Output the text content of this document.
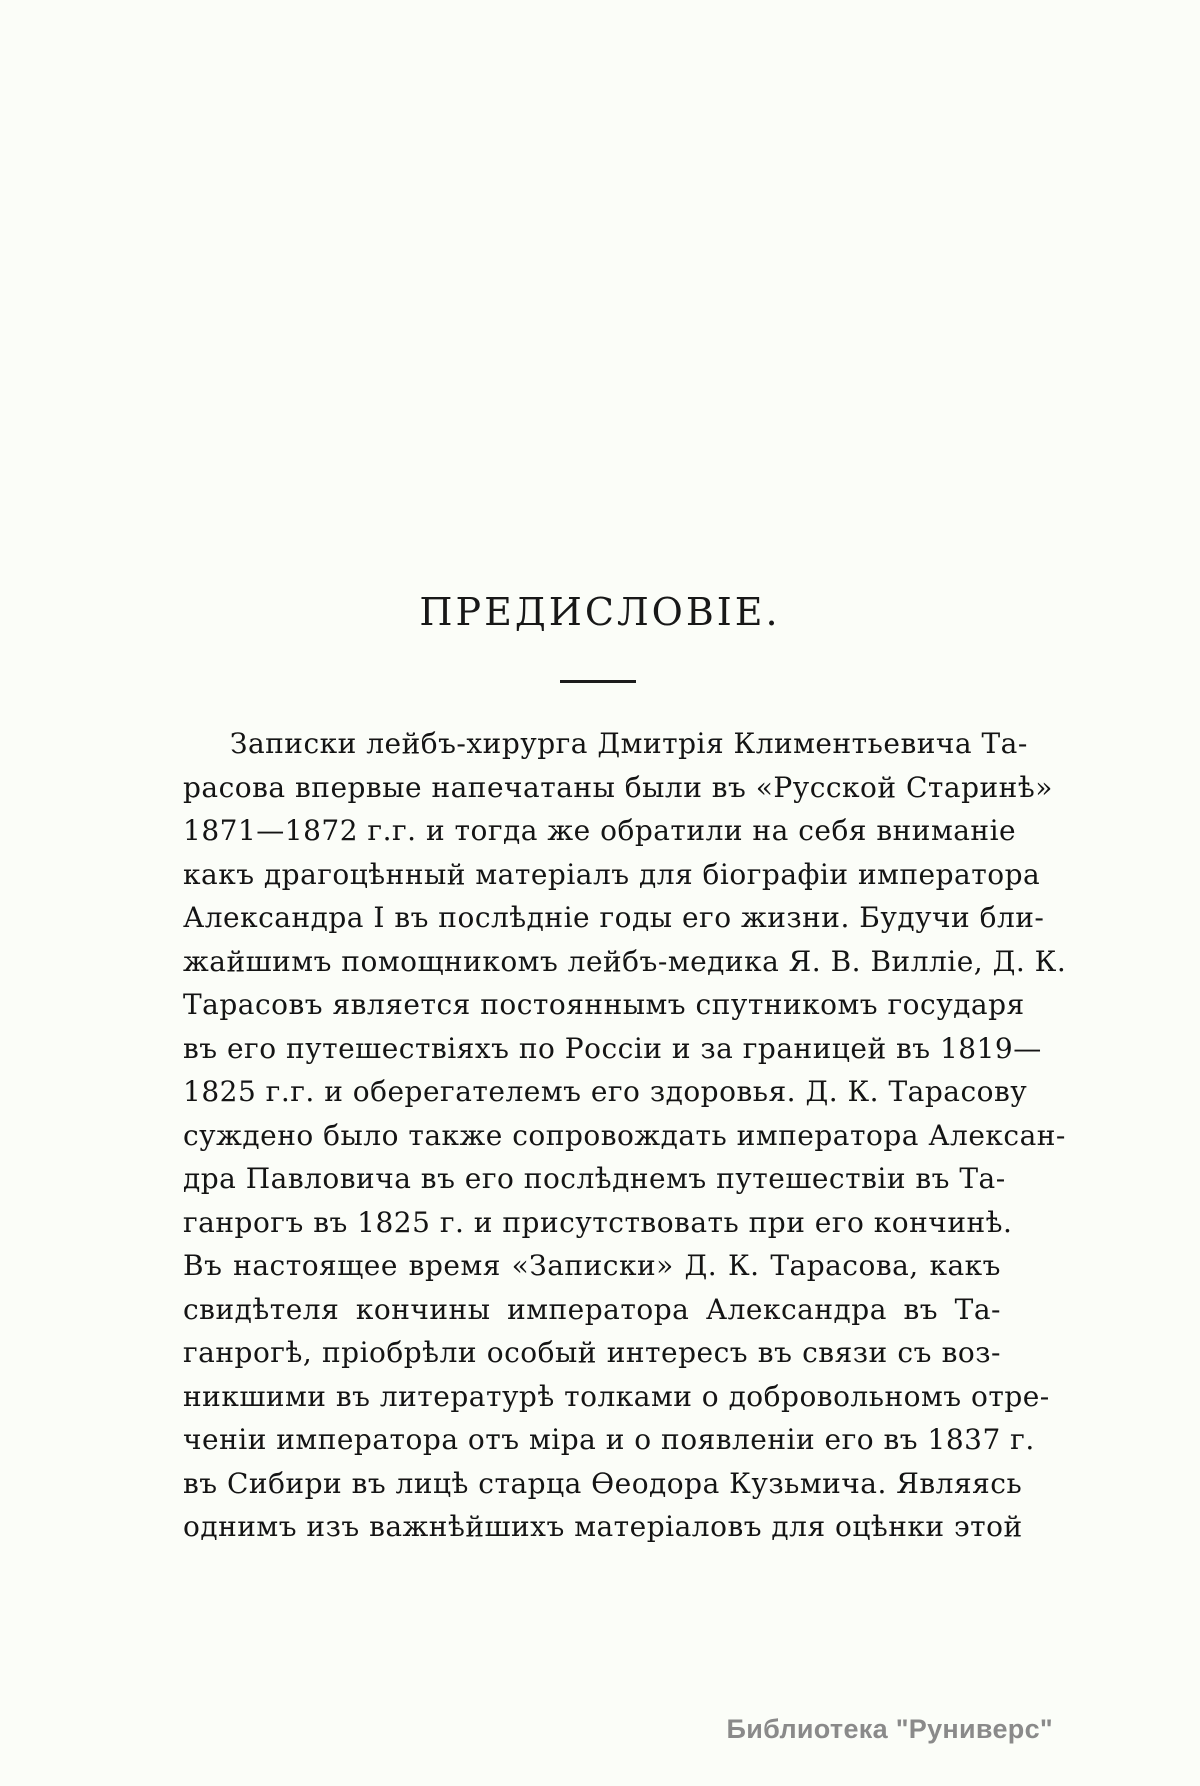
ПРЕДИСЛОВІЕ.
Записки лейбъ-хирурга Дмитрія Климентьевича Та-
расова впервые напечатаны были въ «Русской Старинѣ»
1871—1872 г.г. и тогда же обратили на себя вниманіе
какъ драгоцѣнный матеріалъ для біографіи императора
Александра I въ послѣдніе годы его жизни. Будучи бли-
жайшимъ помощникомъ лейбъ-медика Я. В. Вилліе, Д. К.
Тарасовъ является постояннымъ спутникомъ государя
въ его путешествіяхъ по Россіи и за границей въ 1819—
1825 г.г. и оберегателемъ его здоровья. Д. К. Тарасову
суждено было также сопровождать императора Алексан-
дра Павловича въ его послѣднемъ путешествіи въ Та-
ганрогъ въ 1825 г. и присутствовать при его кончинѣ.
Въ настоящее время «Записки» Д. К. Тарасова, какъ
свидѣтеля кончины императора Александра въ Та-
ганрогѣ, пріобрѣли особый интересъ въ связи съ воз-
никшими въ литературѣ толками о добровольномъ отре-
ченіи императора отъ міра и о появленіи его въ 1837 г.
въ Сибири въ лицѣ старца Ѳеодора Кузьмича. Являясь
однимъ изъ важнѣйшихъ матеріаловъ для оцѣнки этой
Библиотека "Руниверс"
